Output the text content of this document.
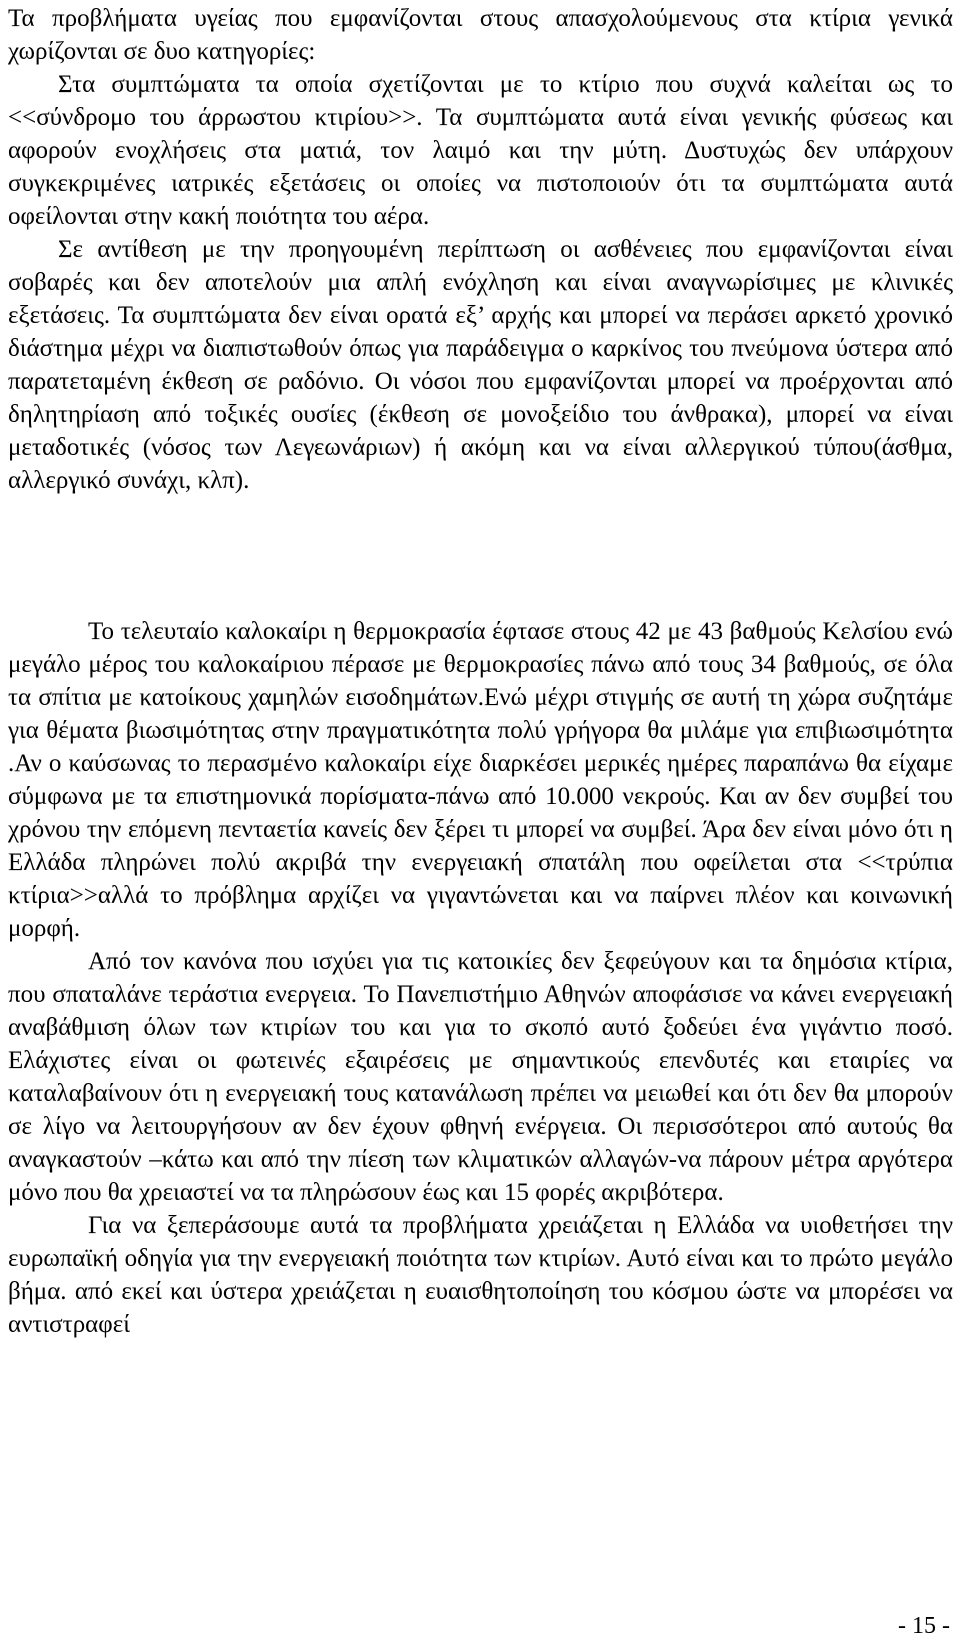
Τα προβλήματα υγείας που εμφανίζονται στους απασχολούμενους στα κτίρια γενικά χωρίζονται σε δυο κατηγορίες:

Στα συμπτώματα τα οποία σχετίζονται με το κτίριο που συχνά καλείται ως το <<σύνδρομο του άρρωστου κτιρίου>>. Τα συμπτώματα αυτά είναι γενικής φύσεως και αφορούν ενοχλήσεις στα ματιά, τον λαιμό και την μύτη. Δυστυχώς δεν υπάρχουν συγκεκριμένες ιατρικές εξετάσεις οι οποίες να πιστοποιούν ότι τα συμπτώματα αυτά οφείλονται στην κακή ποιότητα του αέρα.

Σε αντίθεση με την προηγουμένη περίπτωση οι ασθένειες που εμφανίζονται είναι σοβαρές και δεν αποτελούν μια απλή ενόχληση και είναι αναγνωρίσιμες με κλινικές εξετάσεις. Τα συμπτώματα δεν είναι ορατά εξ’ αρχής και μπορεί να περάσει αρκετό χρονικό διάστημα μέχρι να διαπιστωθούν όπως για παράδειγμα ο καρκίνος του πνεύμονα ύστερα από παρατεταμένη έκθεση σε ραδόνιο. Οι νόσοι που εμφανίζονται μπορεί να προέρχονται από δηλητηρίαση από τοξικές ουσίες (έκθεση σε μονοξείδιο του άνθρακα), μπορεί να είναι μεταδοτικές (νόσος των Λεγεωνάριων) ή ακόμη και να είναι αλλεργικού τύπου(άσθμα, αλλεργικό συνάχι, κλπ).

Το τελευταίο καλοκαίρι η θερμοκρασία έφτασε στους 42 με 43 βαθμούς Κελσίου ενώ μεγάλο μέρος του καλοκαίριου πέρασε με θερμοκρασίες πάνω από τους 34 βαθμούς, σε όλα τα σπίτια με κατοίκους χαμηλών εισοδημάτων.Ενώ μέχρι στιγμής σε αυτή τη χώρα συζητάμε για θέματα βιωσιμότητας στην πραγματικότητα πολύ γρήγορα θα μιλάμε για επιβιωσιμότητα .Αν ο καύσωνας το περασμένο καλοκαίρι είχε διαρκέσει μερικές ημέρες παραπάνω θα είχαμε σύμφωνα με τα επιστημονικά πορίσματα-πάνω από 10.000 νεκρούς. Και αν δεν συμβεί του χρόνου την επόμενη πενταετία κανείς δεν ξέρει τι μπορεί να συμβεί. Άρα δεν είναι μόνο ότι η Ελλάδα πληρώνει πολύ ακριβά την ενεργειακή σπατάλη που οφείλεται στα <<τρύπια κτίρια>>αλλά το πρόβλημα αρχίζει να γιγαντώνεται και να παίρνει πλέον και κοινωνική μορφή.

Από τον κανόνα που ισχύει για τις κατοικίες δεν ξεφεύγουν και τα δημόσια κτίρια, που σπαταλάνε τεράστια ενεργεια. Το Πανεπιστήμιο Αθηνών αποφάσισε να κάνει ενεργειακή αναβάθμιση όλων των κτιρίων του και για το σκοπό αυτό ξοδεύει ένα γιγάντιο ποσό. Ελάχιστες είναι οι φωτεινές εξαιρέσεις με σημαντικούς επενδυτές και εταιρίες να καταλαβαίνουν ότι η ενεργειακή τους κατανάλωση πρέπει να μειωθεί και ότι δεν θα μπορούν σε λίγο να λειτουργήσουν αν δεν έχουν φθηνή ενέργεια. Οι περισσότεροι από αυτούς θα αναγκαστούν –κάτω και από την πίεση των κλιματικών αλλαγών-να πάρουν μέτρα αργότερα μόνο που θα χρειαστεί να τα πληρώσουν έως και 15 φορές ακριβότερα.

Για να ξεπεράσουμε αυτά τα προβλήματα χρειάζεται η Ελλάδα να υιοθετήσει την ευρωπαϊκή οδηγία για την ενεργειακή ποιότητα των κτιρίων. Αυτό είναι και το πρώτο μεγάλο βήμα. από εκεί και ύστερα χρειάζεται η ευαισθητοποίηση του κόσμου ώστε να μπορέσει να αντιστραφεί

- 15 -
